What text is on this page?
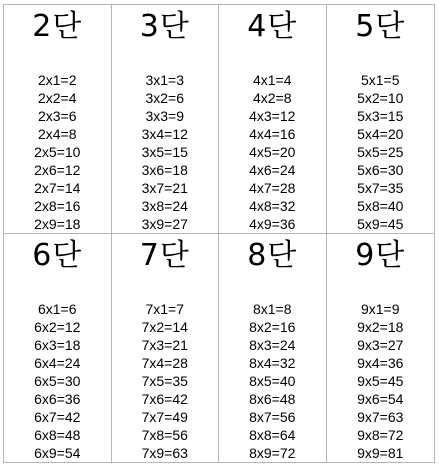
2단
2x1=2
2x2=4
2x3=6
2x4=8
2x5=10
2x6=12
2x7=14
2x8=16
2x9=18
3단
3x1=3
3x2=6
3x3=9
3x4=12
3x5=15
3x6=18
3x7=21
3x8=24
3x9=27
4단
4x1=4
4x2=8
4x3=12
4x4=16
4x5=20
4x6=24
4x7=28
4x8=32
4x9=36
5단
5x1=5
5x2=10
5x3=15
5x4=20
5x5=25
5x6=30
5x7=35
5x8=40
5x9=45
6단
6x1=6
6x2=12
6x3=18
6x4=24
6x5=30
6x6=36
6x7=42
6x8=48
6x9=54
7단
7x1=7
7x2=14
7x3=21
7x4=28
7x5=35
7x6=42
7x7=49
7x8=56
7x9=63
8단
8x1=8
8x2=16
8x3=24
8x4=32
8x5=40
8x6=48
8x7=56
8x8=64
8x9=72
9단
9x1=9
9x2=18
9x3=27
9x4=36
9x5=45
9x6=54
9x7=63
9x8=72
9x9=81
